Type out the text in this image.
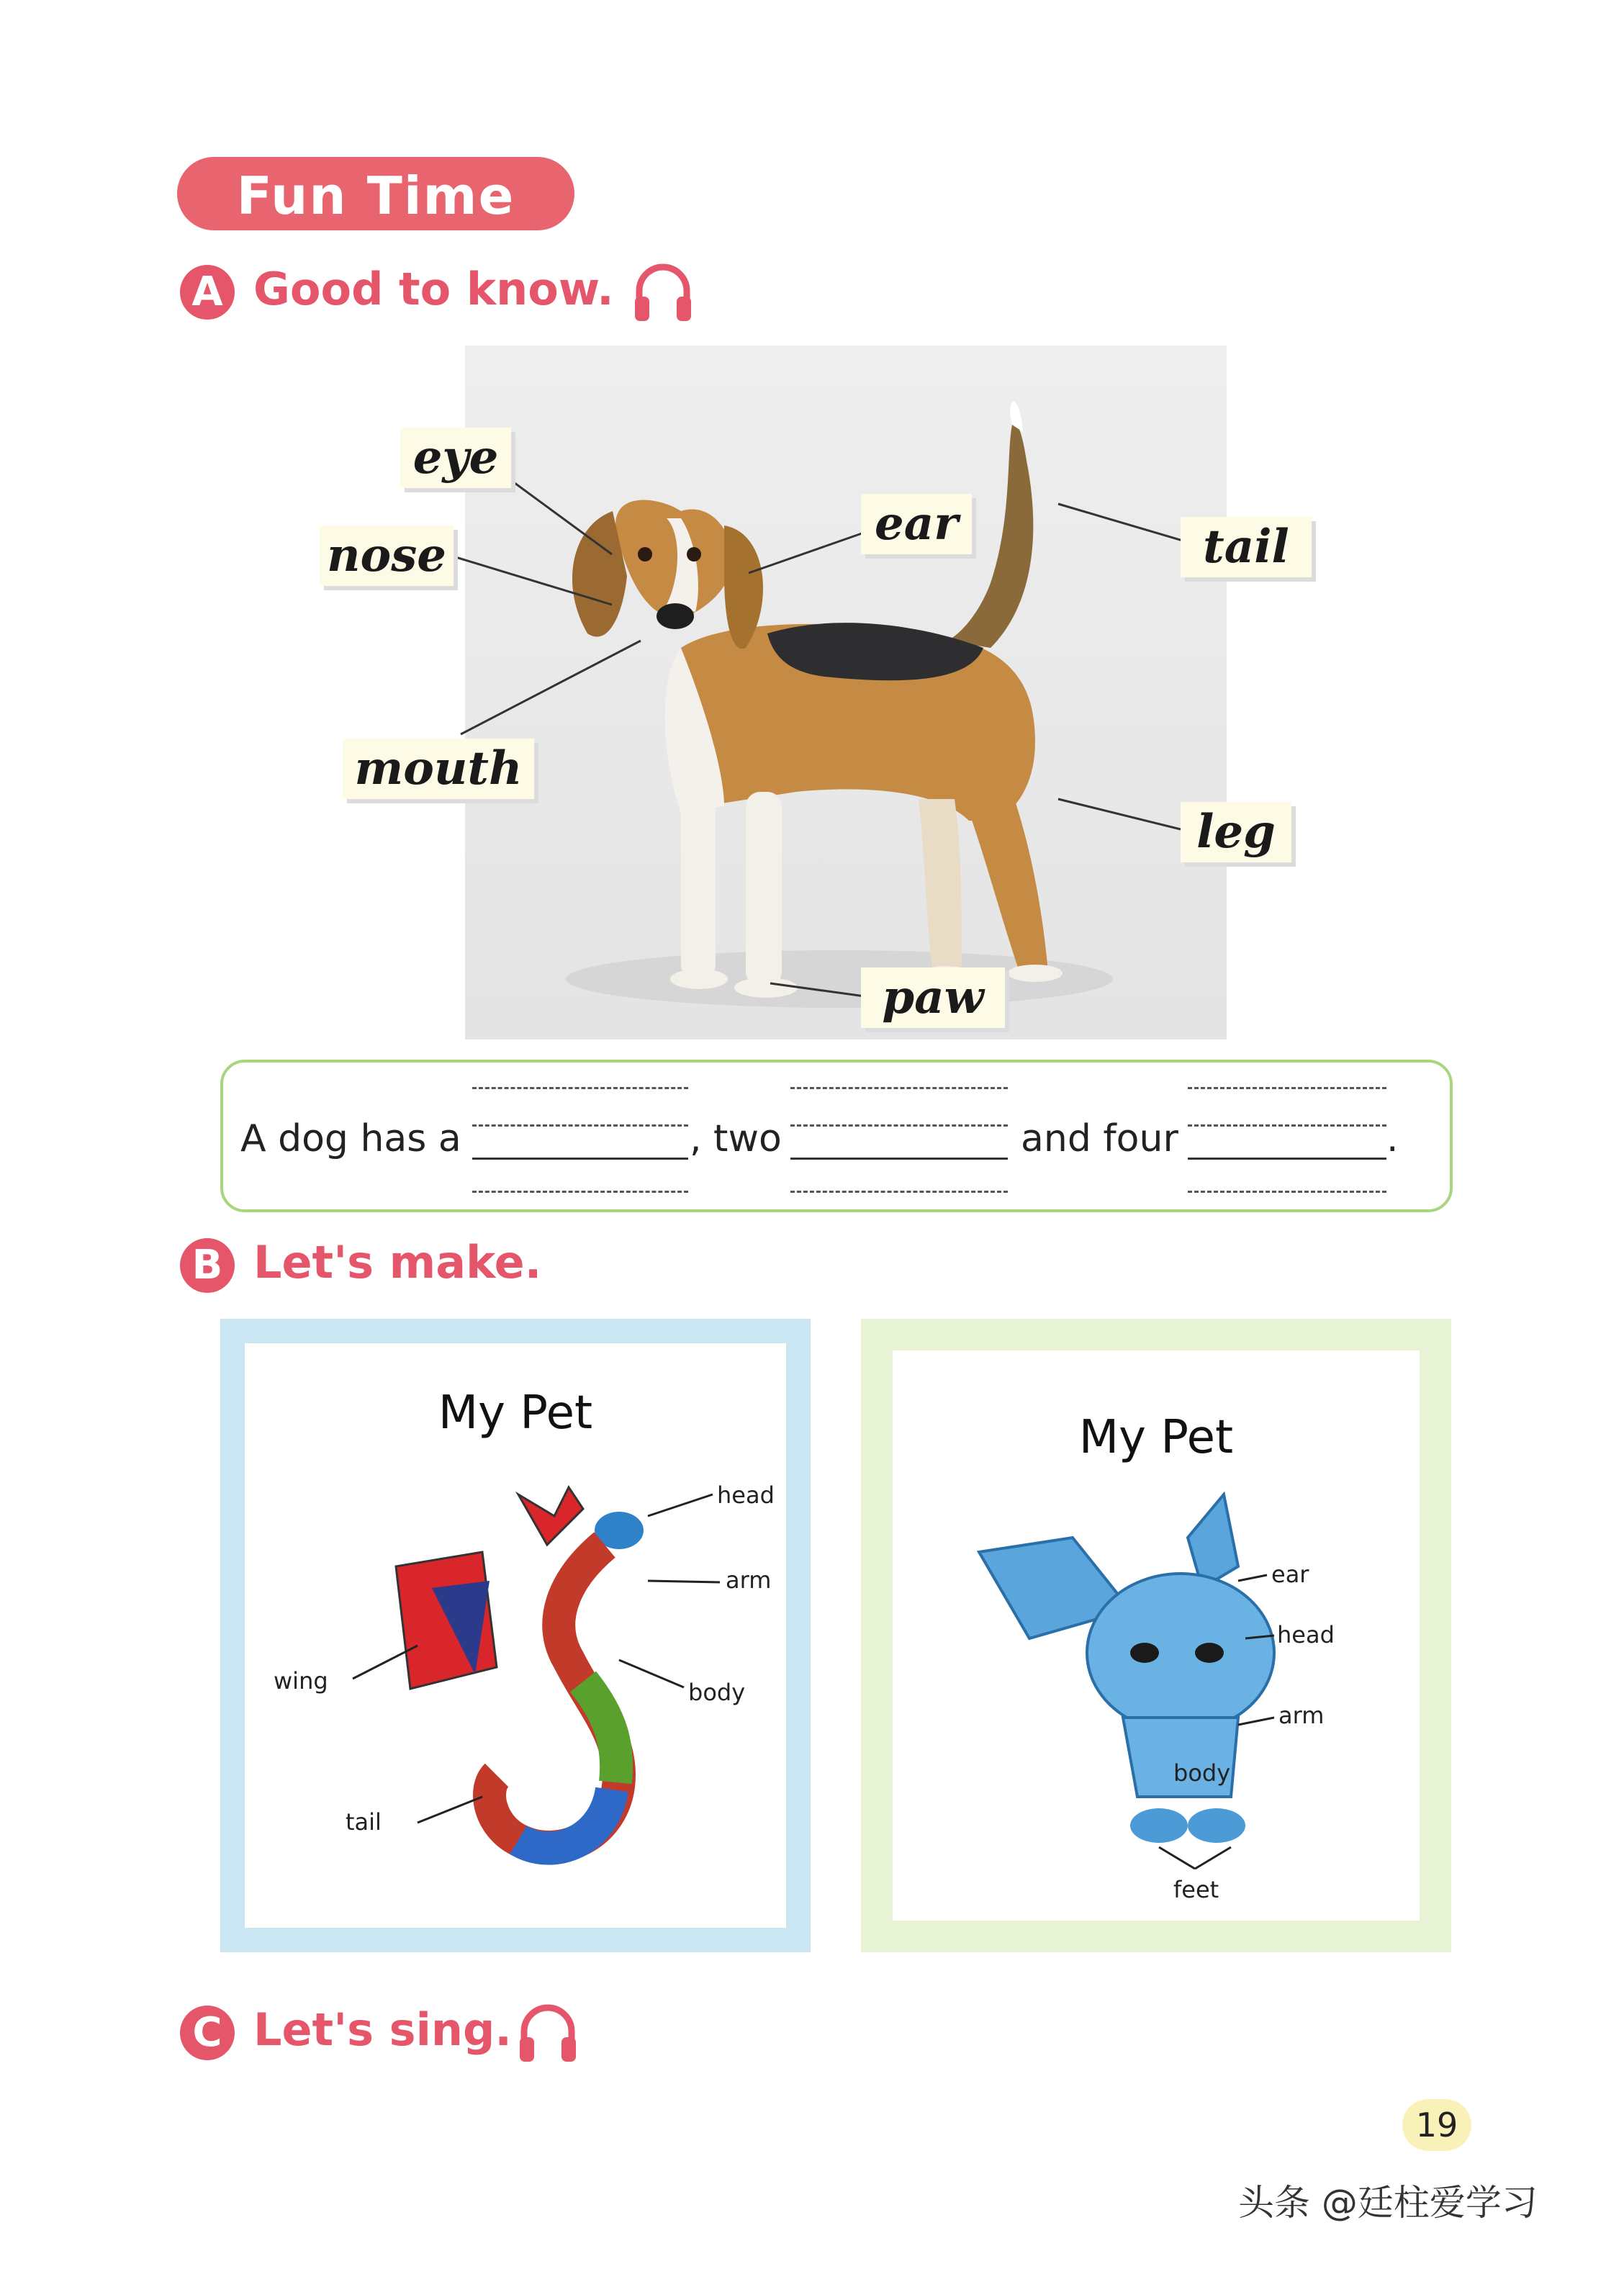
Fun Time
A Good to know.
eye
nose
mouth
ear	tail
leg
paw
A dog has a	, two	and four	.
B Let's make.
My Pet
head
arm
wing	body
tail
My Pet
ear
head
arm
body
feet
C Let's sing.
19
头条 @廷柱爱学习
